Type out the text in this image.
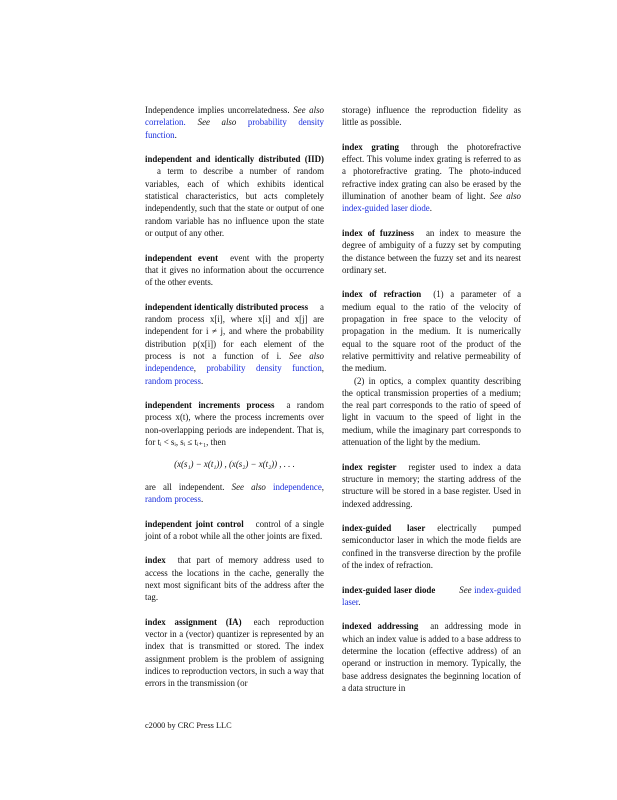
Independence implies uncorrelatedness. See also correlation. See also probability density function.
independent and identically distributed (IID)a term to describe a number of random variables, each of which exhibits identical statistical characteristics, but acts completely independently, such that the state or output of one random variable has no influence upon the state or output of any other.
independent event event with the property that it gives no information about the occurrence of the other events.
independent identically distributed process a random process x[i], where x[i] and x[j] are independent for i ≠ j, and where the probability distribution p(x[i]) for each element of the process is not a function of i. See also independence, probability density function, random process.
independent increments process a random process x(t), where the process increments over non-overlapping periods are independent. That is, for tᵢ < sᵢ, sᵢ ≤ tᵢ₊₁, then
(x(s₁) − x(t₁)) , (x(s₂) − x(t₂)) , . . .
are all independent. See also independence, random process.
independent joint control control of a single joint of a robot while all the other joints are fixed.
index that part of memory address used to access the locations in the cache, generally the next most significant bits of the address after the tag.
index assignment (IA) each reproduction vector in a (vector) quantizer is represented by an index that is transmitted or stored. The index assignment problem is the problem of assigning indices to reproduction vectors, in such a way that errors in the transmission (or
storage) influence the reproduction fidelity as little as possible.
index grating through the photorefractive effect. This volume index grating is referred to as a photorefractive grating. The photo-induced refractive index grating can also be erased by the illumination of another beam of light. See also index-guided laser diode.
index of fuzziness an index to measure the degree of ambiguity of a fuzzy set by computing the distance between the fuzzy set and its nearest ordinary set.
index of refraction (1) a parameter of a medium equal to the ratio of the velocity of propagation in free space to the velocity of propagation in the medium. It is numerically equal to the square root of the product of the relative permittivity and relative permeability of the medium.
(2) in optics, a complex quantity describing the optical transmission properties of a medium; the real part corresponds to the ratio of speed of light in vacuum to the speed of light in the medium, while the imaginary part corresponds to attenuation of the light by the medium.
index register register used to index a data structure in memory; the starting address of the structure will be stored in a base register. Used in indexed addressing.
index-guided laser electrically pumped semiconductor laser in which the mode fields are confined in the transverse direction by the profile of the index of refraction.
index-guided laser diode	See index-guided laser.
indexed addressing an addressing mode in which an index value is added to a base address to determine the location (effective address) of an operand or instruction in memory. Typically, the base address designates the beginning location of a data structure in
c2000 by CRC Press LLC
